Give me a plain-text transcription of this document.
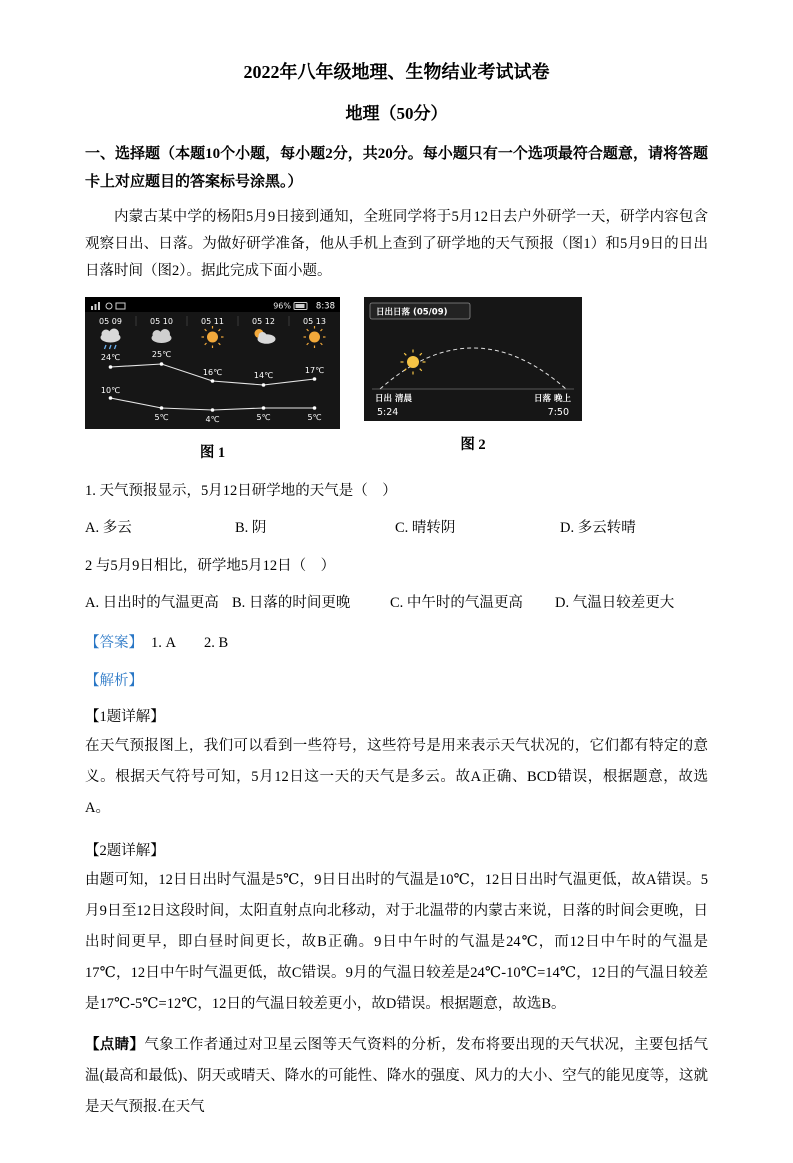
2022年八年级地理、生物结业考试试卷
地理（50分）

一、选择题（本题10个小题，每小题2分，共20分。每小题只有一个选项最符合题意，请将答题卡上对应题目的答案标号涂黑。）

内蒙古某中学的杨阳5月9日接到通知，全班同学将于5月12日去户外研学一天，研学内容包含观察日出、日落。为做好研学准备，他从手机上查到了研学地的天气预报（图1）和5月9日的日出日落时间（图2）。据此完成下面小题。

96%	8:38
05 09	05 10	05 11	05 12	05 13
24℃	25℃
16℃	14℃
17℃
10℃
5℃	4℃	5℃	5℃
图 1
日出日落 (05/09)
日出 清晨	日落 晚上
5:24	7:50
图 2

1. 天气预报显示，5月12日研学地的天气是（　）

A. 多云	B. 阴	C. 晴转阴	D. 多云转晴

2 与5月9日相比，研学地5月12日（　）

A. 日出时的气温更高 B. 日落的时间更晚	C. 中午时的气温更高	D. 气温日较差更大

【答案】 1. A 2. B

【解析】

【1题详解】

在天气预报图上，我们可以看到一些符号，这些符号是用来表示天气状况的，它们都有特定的意义。根据天气符号可知，5月12日这一天的天气是多云。故A正确、BCD错误，根据题意，故选A。

【2题详解】

由题可知，12日日出时气温是5℃，9日日出时的气温是10℃，12日日出时气温更低，故A错误。5月9日至12日这段时间，太阳直射点向北移动，对于北温带的内蒙古来说，日落的时间会更晚，日出时间更早，即白昼时间更长，故B正确。9日中午时的气温是24℃，而12日中午时的气温是17℃，12日中午时气温更低，故C错误。9月的气温日较差是24℃-10℃=14℃，12日的气温日较差是17℃-5℃=12℃，12日的气温日较差更小，故D错误。根据题意，故选B。

【点睛】气象工作者通过对卫星云图等天气资料的分析，发布将要出现的天气状况，主要包括气温(最高和最低)、阴天或晴天、降水的可能性、降水的强度、风力的大小、空气的能见度等，这就是天气预报.在天气
